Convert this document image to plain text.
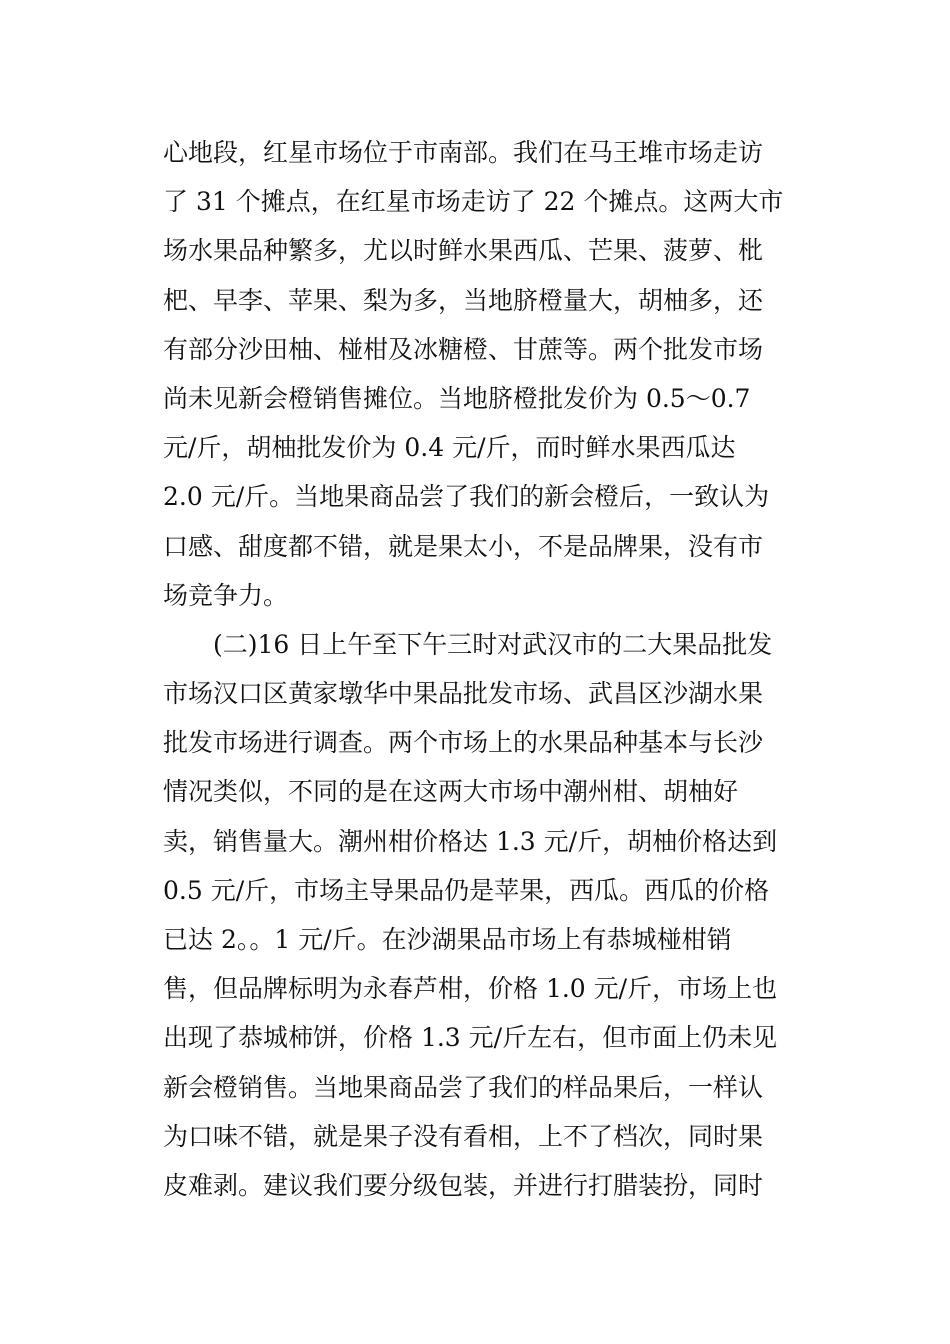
心地段，红星市场位于市南部。我们在马王堆市场走访
了 31 个摊点，在红星市场走访了 22 个摊点。这两大市
场水果品种繁多，尤以时鲜水果西瓜、芒果、菠萝、枇
杷、早李、苹果、梨为多，当地脐橙量大，胡柚多，还
有部分沙田柚、椪柑及冰糖橙、甘蔗等。两个批发市场
尚未见新会橙销售摊位。当地脐橙批发价为 0.5～0.7
元/斤，胡柚批发价为 0.4 元/斤，而时鲜水果西瓜达
2.0 元/斤。当地果商品尝了我们的新会橙后，一致认为
口感、甜度都不错，就是果太小，不是品牌果，没有市
场竞争力。
(二)16 日上午至下午三时对武汉市的二大果品批发
市场汉口区黄家墩华中果品批发市场、武昌区沙湖水果
批发市场进行调查。两个市场上的水果品种基本与长沙
情况类似，不同的是在这两大市场中潮州柑、胡柚好
卖，销售量大。潮州柑价格达 1.3 元/斤，胡柚价格达到
0.5 元/斤，市场主导果品仍是苹果，西瓜。西瓜的价格
已达 2。。1 元/斤。在沙湖果品市场上有恭城椪柑销
售，但品牌标明为永春芦柑，价格 1.0 元/斤，市场上也
出现了恭城柿饼，价格 1.3 元/斤左右，但市面上仍未见
新会橙销售。当地果商品尝了我们的样品果后，一样认
为口味不错，就是果子没有看相，上不了档次，同时果
皮难剥。建议我们要分级包装，并进行打腊装扮，同时
